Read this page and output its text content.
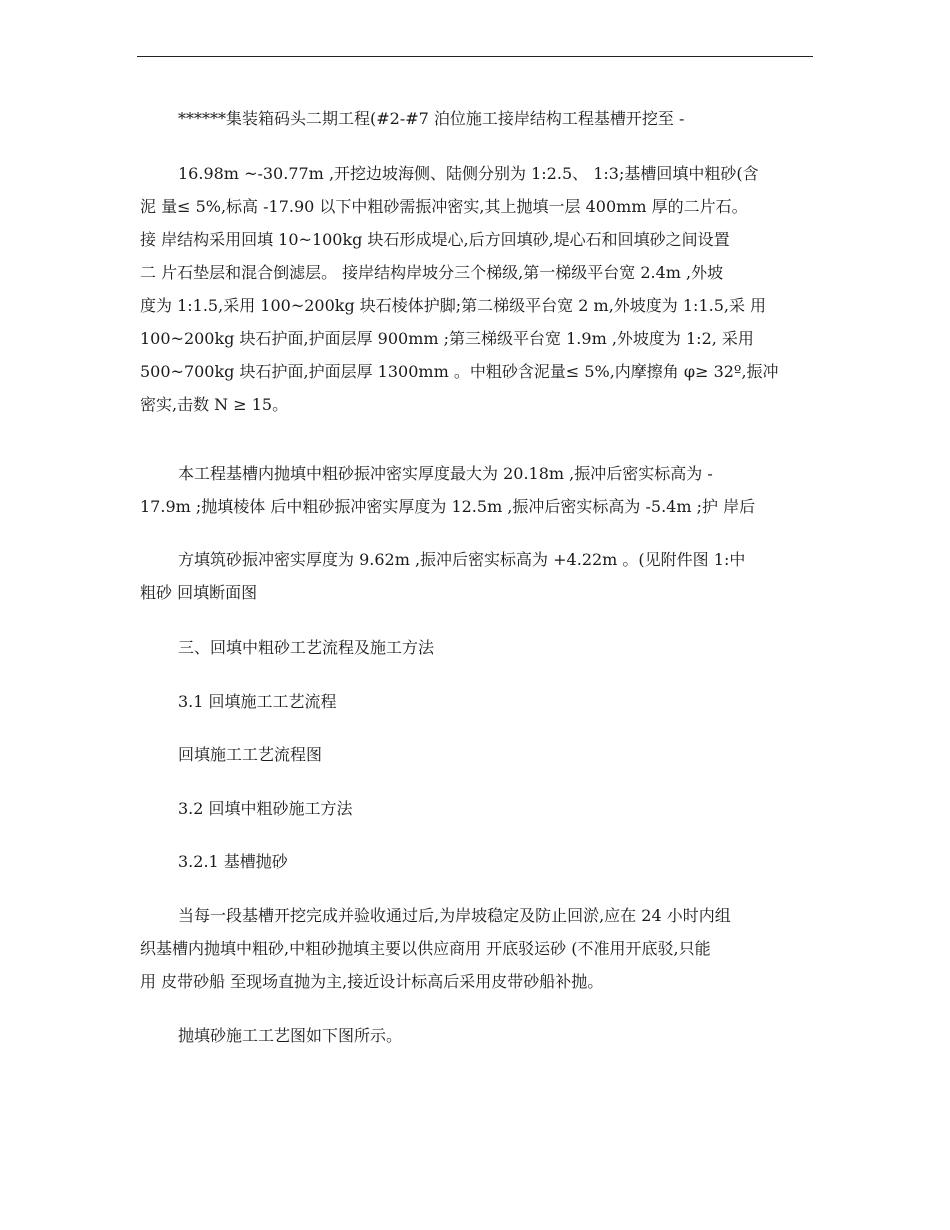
******集装箱码头二期工程(#2-#7 泊位施工接岸结构工程基槽开挖至 -
16.98m ~-30.77m ,开挖边坡海侧、陆侧分别为 1:2.5、 1:3;基槽回填中粗砂(含
泥 量≤ 5%,标高 -17.90 以下中粗砂需振冲密实,其上抛填一层 400mm 厚的二片石。
接 岸结构采用回填 10~100kg 块石形成堤心,后方回填砂,堤心石和回填砂之间设置
二 片石垫层和混合倒滤层。 接岸结构岸坡分三个梯级,第一梯级平台宽 2.4m ,外坡
度为 1:1.5,采用 100~200kg 块石棱体护脚;第二梯级平台宽 2 m,外坡度为 1:1.5,采 用
100~200kg 块石护面,护面层厚 900mm ;第三梯级平台宽 1.9m ,外坡度为 1:2, 采用
500~700kg 块石护面,护面层厚 1300mm 。中粗砂含泥量≤ 5%,内摩擦角 φ≥ 32º,振冲
密实,击数 N ≥ 15。
本工程基槽内抛填中粗砂振冲密实厚度最大为 20.18m ,振冲后密实标高为 -
17.9m ;抛填棱体 后中粗砂振冲密实厚度为 12.5m ,振冲后密实标高为 -5.4m ;护 岸后
方填筑砂振冲密实厚度为 9.62m ,振冲后密实标高为 +4.22m 。(见附件图 1:中
粗砂 回填断面图
三、回填中粗砂工艺流程及施工方法
3.1 回填施工工艺流程
回填施工工艺流程图
3.2 回填中粗砂施工方法
3.2.1 基槽抛砂
当每一段基槽开挖完成并验收通过后,为岸坡稳定及防止回淤,应在 24 小时内组
织基槽内抛填中粗砂,中粗砂抛填主要以供应商用 开底驳运砂 (不准用开底驳,只能
用 皮带砂船 至现场直抛为主,接近设计标高后采用皮带砂船补抛。
抛填砂施工工艺图如下图所示。
